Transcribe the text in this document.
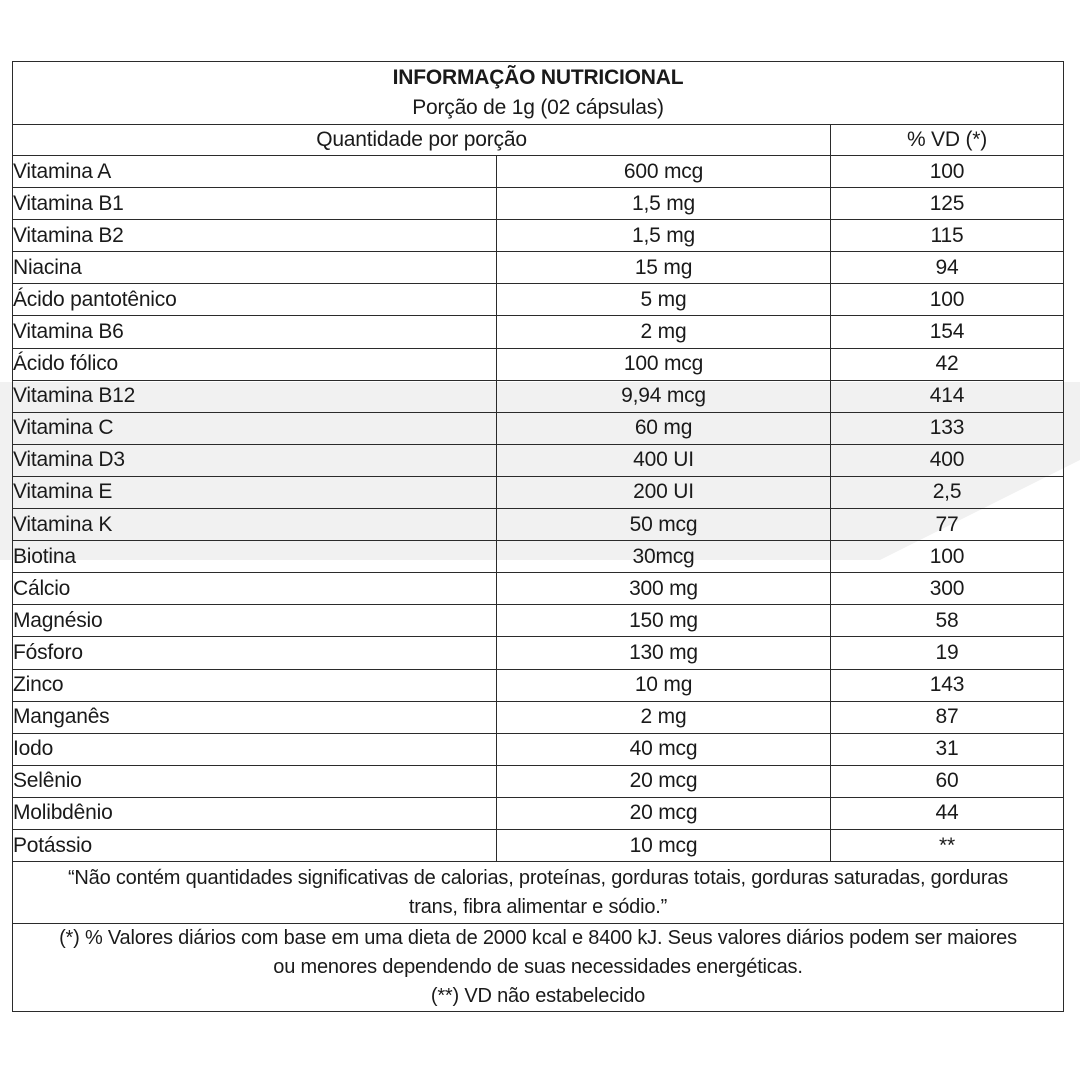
INFORMAÇÃO NUTRICIONAL
Porção de 1g (02 cápsulas)		

Quantidade por porção		% VD (*)
Vitamina A	600 mcg	100
Vitamina B1	1,5 mg	125
Vitamina B2	1,5 mg	115
Niacina	15 mg	94
Ácido pantotênico	5 mg	100
Vitamina B6	2 mg	154
Ácido fólico	100 mcg	42
Vitamina B12	9,94 mcg	414
Vitamina C	60 mg	133
Vitamina D3	400 UI	400
Vitamina E	200 UI	2,5
Vitamina K	50 mcg	77
Biotina	30mcg	100
Cálcio	300 mg	300
Magnésio	150 mg	58
Fósforo	130 mg	19
Zinco	10 mg	143
Manganês	2 mg	87
Iodo	40 mcg	31
Selênio	20 mcg	60
Molibdênio	20 mcg	44
Potássio	10 mcg	**

“Não contém quantidades significativas de calorias, proteínas, gorduras totais, gorduras saturadas, gorduras
trans, fibra alimentar e sódio.”		

(*) % Valores diários com base em uma dieta de 2000 kcal e 8400 kJ. Seus valores diários podem ser maiores
ou menores dependendo de suas necessidades energéticas.
(**) VD não estabelecido		
